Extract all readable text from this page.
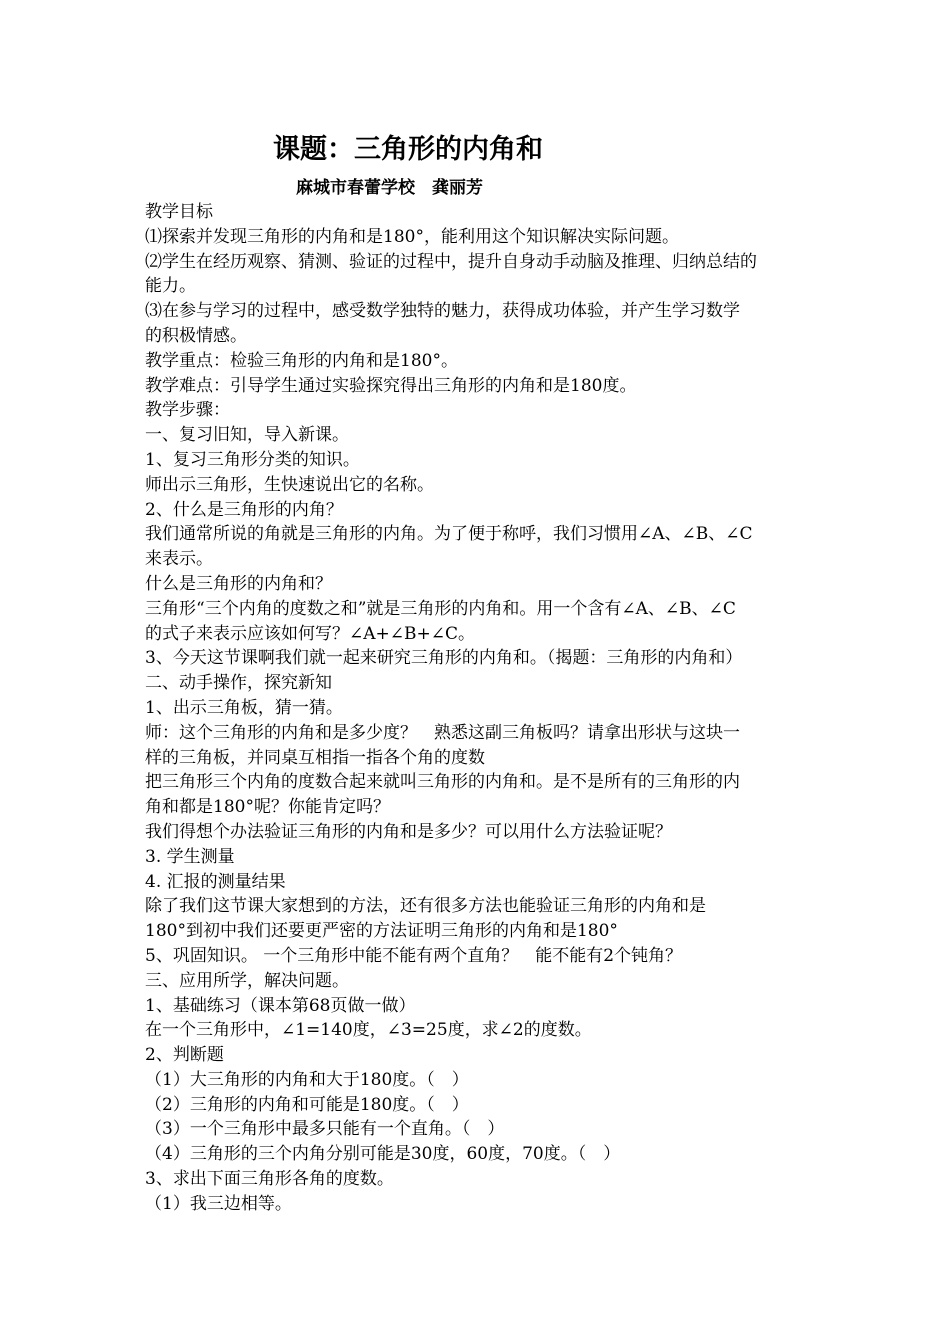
课题：三角形的内角和
麻城市春蕾学校　龚丽芳
教学目标
⑴探索并发现三角形的内角和是180°，能利用这个知识解决实际问题。
⑵学生在经历观察、猜测、验证的过程中，提升自身动手动脑及推理、归纳总结的
能力。
⑶在参与学习的过程中，感受数学独特的魅力，获得成功体验，并产生学习数学
的积极情感。
教学重点：检验三角形的内角和是180°。
教学难点：引导学生通过实验探究得出三角形的内角和是180度。
教学步骤：
一、复习旧知，导入新课。
1、复习三角形分类的知识。
师出示三角形，生快速说出它的名称。
2、什么是三角形的内角？
我们通常所说的角就是三角形的内角。为了便于称呼，我们习惯用∠A、∠B、∠C
来表示。
什么是三角形的内角和？
三角形“三个内角的度数之和”就是三角形的内角和。用一个含有∠A、∠B、∠C
的式子来表示应该如何写？∠A+∠B+∠C。
3、今天这节课啊我们就一起来研究三角形的内角和。（揭题：三角形的内角和）
二、动手操作，探究新知
1、出示三角板，猜一猜。
师：这个三角形的内角和是多少度？　熟悉这副三角板吗？请拿出形状与这块一
样的三角板，并同桌互相指一指各个角的度数
把三角形三个内角的度数合起来就叫三角形的内角和。是不是所有的三角形的内
角和都是180°呢？你能肯定吗？
我们得想个办法验证三角形的内角和是多少？可以用什么方法验证呢？
3. 学生测量
4. 汇报的测量结果
除了我们这节课大家想到的方法，还有很多方法也能验证三角形的内角和是
180°到初中我们还要更严密的方法证明三角形的内角和是180°
5、巩固知识。 一个三角形中能不能有两个直角？　能不能有2个钝角？
三、应用所学，解决问题。
1、基础练习（课本第68页做一做）
在一个三角形中，∠1=140度，∠3=25度，求∠2的度数。
2、判断题
（1）大三角形的内角和大于180度。（　）
（2）三角形的内角和可能是180度。（　）
（3）一个三角形中最多只能有一个直角。（　）
（4）三角形的三个内角分别可能是30度，60度，70度。（　）
3、求出下面三角形各角的度数。
（1）我三边相等。
